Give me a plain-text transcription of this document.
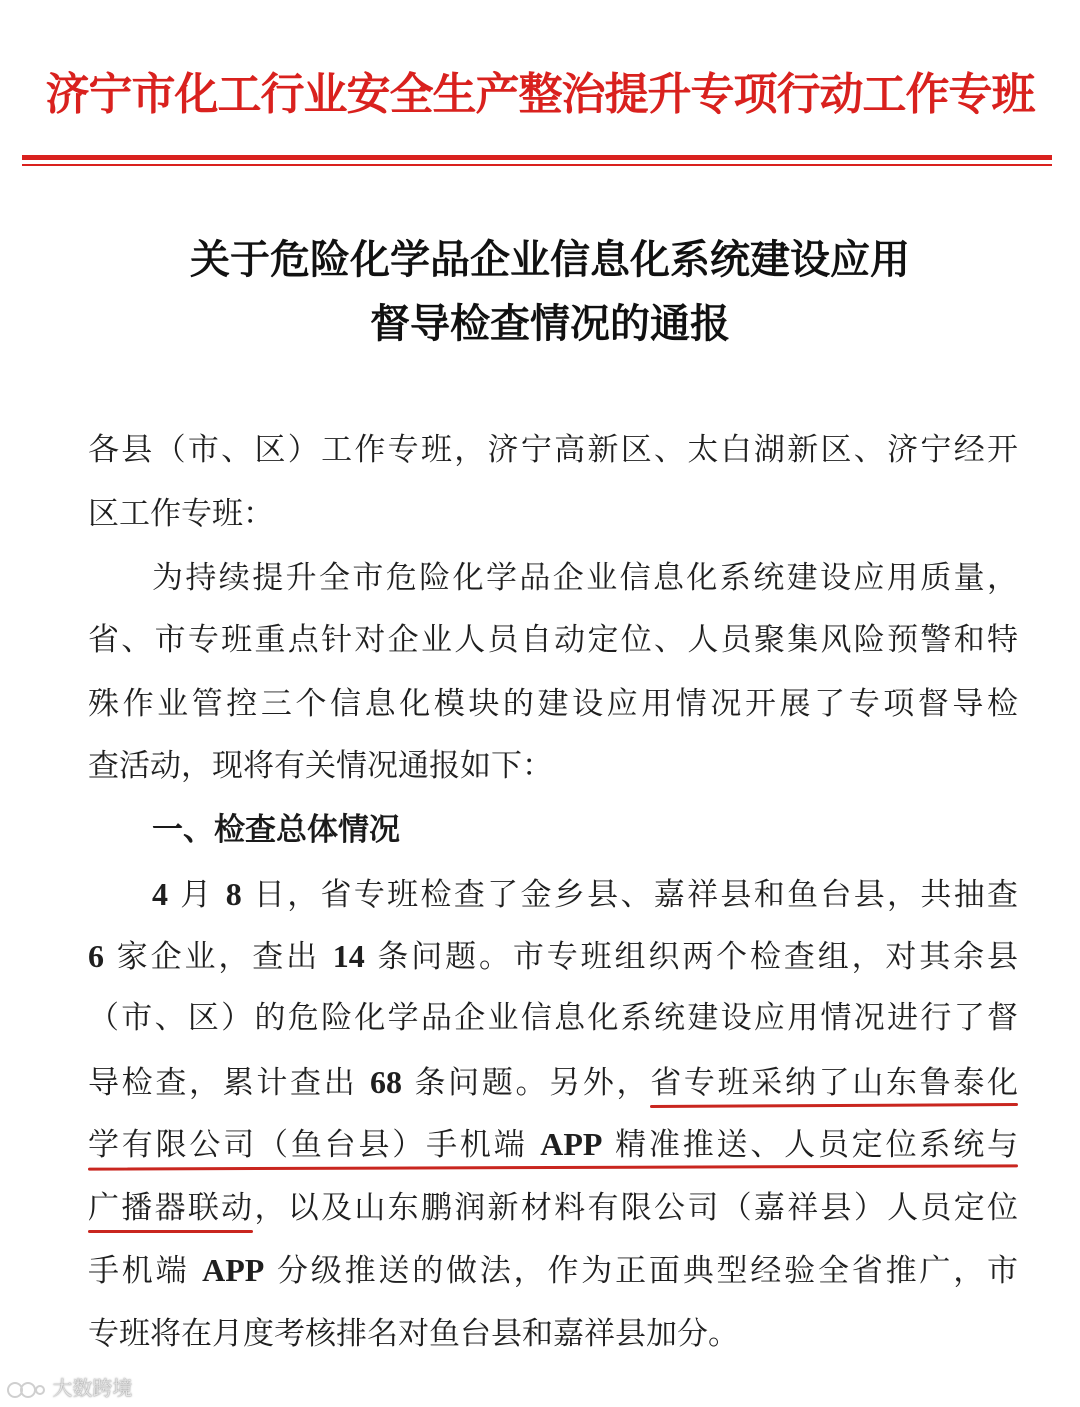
济宁市化工行业安全生产整治提升专项行动工作专班
关于危险化学品企业信息化系统建设应用
督导检查情况的通报
各县（市、区）工作专班，济宁高新区、太白湖新区、济宁经开
区工作专班：
为持续提升全市危险化学品企业信息化系统建设应用质量，
省、市专班重点针对企业人员自动定位、人员聚集风险预警和特
殊作业管控三个信息化模块的建设应用情况开展了专项督导检
查活动，现将有关情况通报如下：
一、检查总体情况
4 月 8 日，省专班检查了金乡县、嘉祥县和鱼台县，共抽查
6 家企业，查出 14 条问题。市专班组织两个检查组，对其余县
（市、区）的危险化学品企业信息化系统建设应用情况进行了督
导检查，累计查出 68 条问题。另外，省专班采纳了山东鲁泰化
学有限公司（鱼台县）手机端 APP 精准推送、人员定位系统与
广播器联动，以及山东鹏润新材料有限公司（嘉祥县）人员定位
手机端 APP 分级推送的做法，作为正面典型经验全省推广，市
专班将在月度考核排名对鱼台县和嘉祥县加分。
大数跨境
